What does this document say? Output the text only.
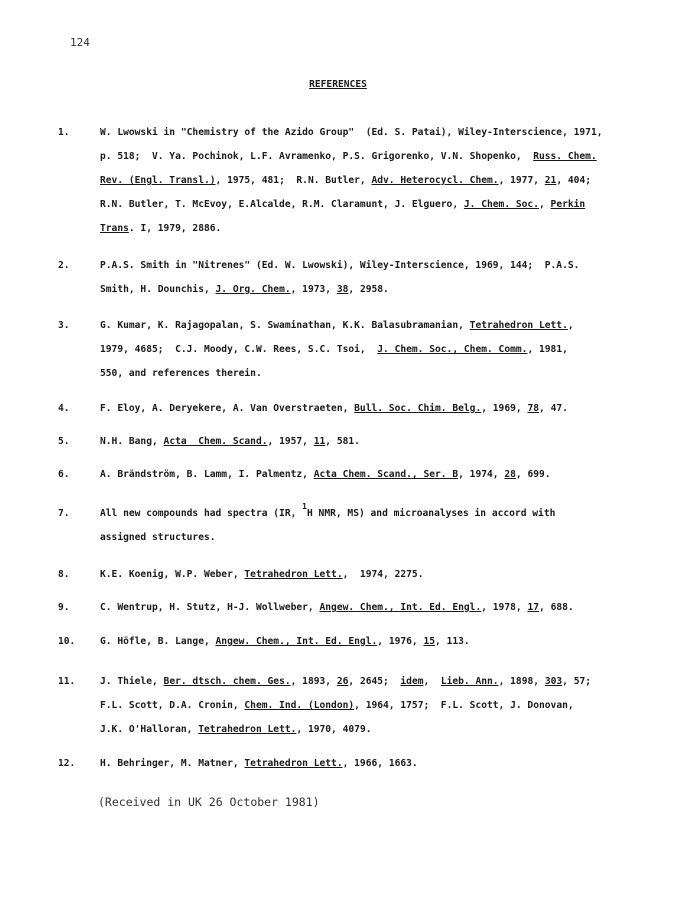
124
REFERENCES
1.	W. Lwowski in "Chemistry of the Azido Group"  (Ed. S. Patai), Wiley-Interscience, 1971,
p. 518;  V. Ya. Pochinok, L.F. Avramenko, P.S. Grigorenko, V.N. Shopenko,  Russ. Chem.
Rev. (Engl. Transl.), 1975, 481;  R.N. Butler, Adv. Heterocycl. Chem., 1977, 21, 404;
R.N. Butler, T. McEvoy, E.Alcalde, R.M. Claramunt, J. Elguero, J. Chem. Soc., Perkin
Trans. I, 1979, 2886.
2.	P.A.S. Smith in "Nitrenes" (Ed. W. Lwowski), Wiley-Interscience, 1969, 144;  P.A.S.
Smith, H. Dounchis, J. Org. Chem., 1973, 38, 2958.
3.	G. Kumar, K. Rajagopalan, S. Swaminathan, K.K. Balasubramanian, Tetrahedron Lett.,
1979, 4685;  C.J. Moody, C.W. Rees, S.C. Tsoi,  J. Chem. Soc., Chem. Comm., 1981,
550, and references therein.
4.	F. Eloy, A. Deryekere, A. Van Overstraeten, Bull. Soc. Chim. Belg., 1969, 78, 47.
5.	N.H. Bang, Acta  Chem. Scand., 1957, 11, 581.
6.	A. Brändström, B. Lamm, I. Palmentz, Acta Chem. Scand., Ser. B, 1974, 28, 699.
7.	All new compounds had spectra (IR, $^1$H NMR, MS) and microanalyses in accord with
assigned structures.
8.	K.E. Koenig, W.P. Weber, Tetrahedron Lett.,  1974, 2275.
9.	C. Wentrup, H. Stutz, H-J. Wollweber, Angew. Chem., Int. Ed. Engl., 1978, 17, 688.
10.	G. Höfle, B. Lange, Angew. Chem., Int. Ed. Engl., 1976, 15, 113.
11.	J. Thiele, Ber. dtsch. chem. Ges., 1893, 26, 2645;  idem,  Lieb. Ann., 1898, 303, 57;
F.L. Scott, D.A. Cronin, Chem. Ind. (London), 1964, 1757;  F.L. Scott, J. Donovan,
J.K. O'Halloran, Tetrahedron Lett., 1970, 4079.
12.	H. Behringer, M. Matner, Tetrahedron Lett., 1966, 1663.
(Received in UK 26 October 1981)
